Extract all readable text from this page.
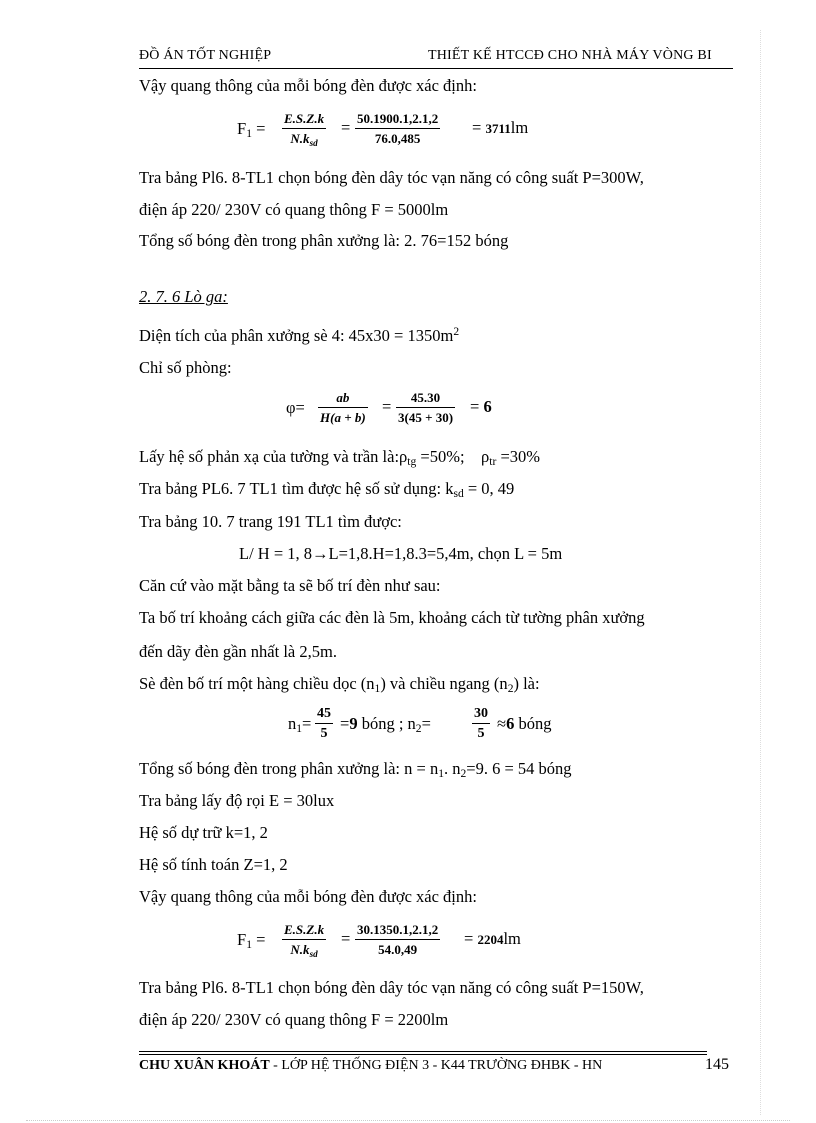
ĐỒ ÁN TỐT NGHIỆP	THIẾT KẾ HTCCĐ CHO NHÀ MÁY VÒNG BI
Vậy quang thông của mỗi bóng đèn được xác định:
$F_1$ =
E.S.Z.k
$N.k_{sd}$
= $\frac{50.1900.1,2.1,2}{76.0,485} = 3711lm$
Tra bảng Pl6. 8-TL1 chọn bóng đèn dây tóc vạn năng có công suất P=300W,
điện áp 220/ 230V có quang thông F = 5000lm
Tổng số bóng đèn trong phân xưởng là: 2. 76=152 bóng
2. 7. 6 Lò ga:
Diện tích của phân xưởng sè 4: $45x30 = 1350m^2$
Chỉ số phòng:
$\varphi= \frac{ab}{H(a + b)} = \frac{45.30}{3(45 + 30)} = 6$
Lấy hệ số phản xạ của tường và trần $là:\rho_{tg} =50\%$; $\rho_{tr} =30\%$
Tra bảng PL6. 7 TL1 tìm được hệ số sử dụng: $k_{sd} = 0$, 49
Tra bảng 10. 7 trang 191 TL1 tìm được:
L/ H = 1, 8→L=1,8.H=1,8.3=5,4m, chọn L = 5m
Căn cứ vào mặt bằng ta sẽ bố trí đèn như sau:
Ta bố trí khoảng cách giữa các đèn là 5m, khoảng cách từ tường phân xưởng
đến dãy đèn gần nhất là 2,5m.
Sè đèn bố trí một hàng chiều dọc $(n_1)$ và chiều ngang $(n_2)$ là:
$n_1= \frac{45}{5} =9$ bóng ; $n_2=$	$\frac{30}{5} \approx 6$ bóng
Tổng số bóng đèn trong phân xưởng là: $n = n_1$. $n_2=9$. 6 = 54 bóng
Tra bảng lấy độ rọi E = 30lux
Hệ số dự trữ k=1, 2
Hệ số tính toán Z=1, 2
Vậy quang thông của mỗi bóng đèn được xác định:
$F_1$ =
E.S.Z.k
$N.k_{sd}$
= $\frac{30.1350.1,2.1,2}{54.0,49} = 2204lm$
Tra bảng Pl6. 8-TL1 chọn bóng đèn dây tóc vạn năng có công suất P=150W,
điện áp 220/ 230V có quang thông F = 2200lm
CHU XUÂN KHOÁT - LỚP HỆ THỐNG ĐIỆN 3 - K44 TRƯỜNG ĐHBK - HN	145
